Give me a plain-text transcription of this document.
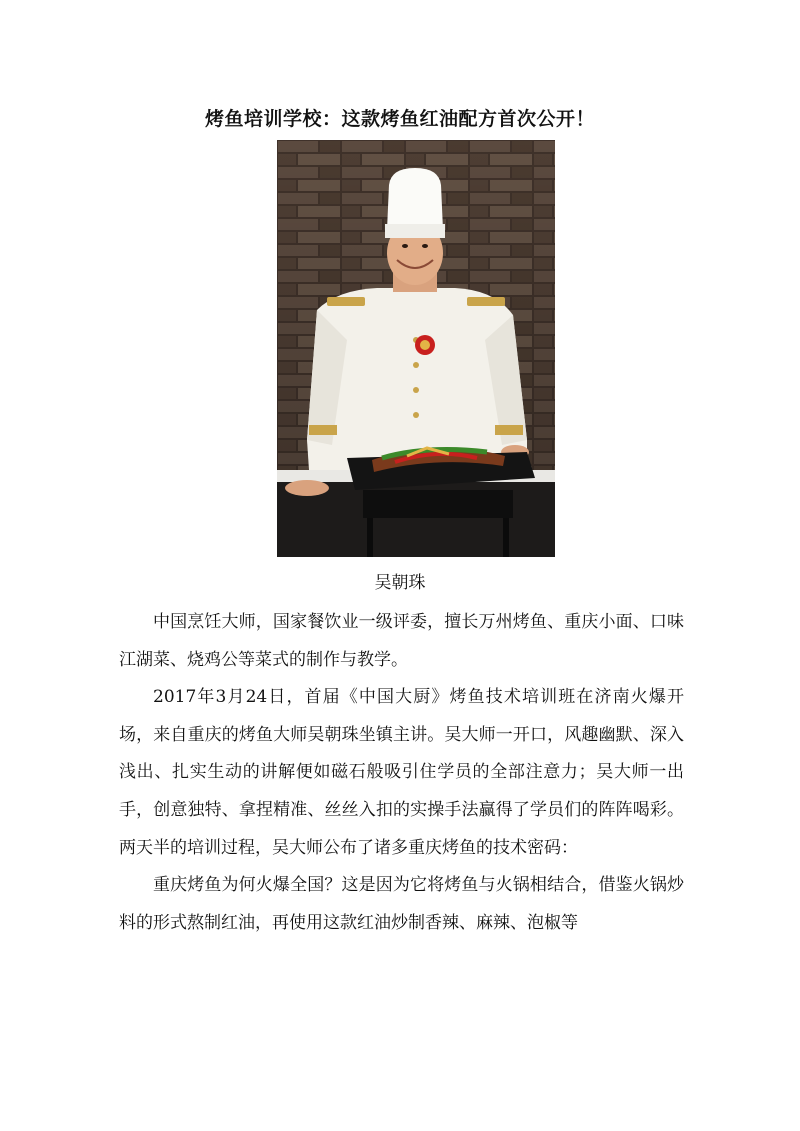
烤鱼培训学校：这款烤鱼红油配方首次公开！
吴朝珠

中国烹饪大师，国家餐饮业一级评委，擅长万州烤鱼、重庆小面、口味江湖菜、烧鸡公等菜式的制作与教学。

2017年3月24日，首届《中国大厨》烤鱼技术培训班在济南火爆开场，来自重庆的烤鱼大师吴朝珠坐镇主讲。吴大师一开口，风趣幽默、深入浅出、扎实生动的讲解便如磁石般吸引住学员的全部注意力；吴大师一出手，创意独特、拿捏精准、丝丝入扣的实操手法赢得了学员们的阵阵喝彩。两天半的培训过程，吴大师公布了诸多重庆烤鱼的技术密码：

重庆烤鱼为何火爆全国？这是因为它将烤鱼与火锅相结合，借鉴火锅炒料的形式熬制红油，再使用这款红油炒制香辣、麻辣、泡椒等
